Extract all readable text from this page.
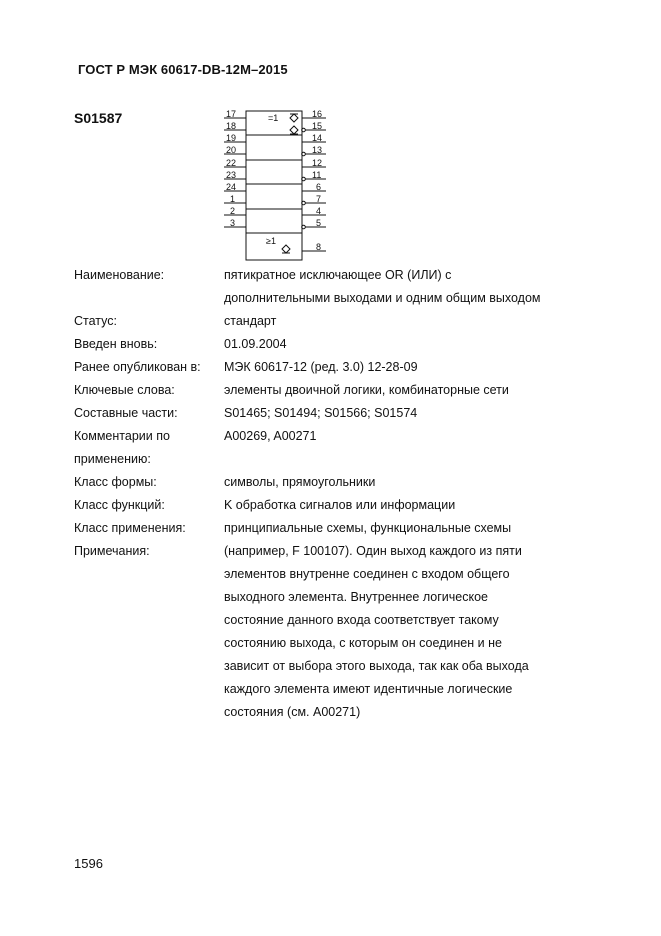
ГОСТ Р МЭК 60617-DB-12M–2015
S01587	=1
≥1
17
18
19
20
22
23
24
1
2
3
16
15
14
13
12
11
6
7
4
5
8
Наименование:	пятикратное исключающее OR (ИЛИ) с
дополнительными выходами и одним общим выходом
Статус:	стандарт
Введен вновь:	01.09.2004
Ранее опубликован в:	МЭК 60617-12 (ред. 3.0) 12-28-09
Ключевые слова:	элементы двоичной логики, комбинаторные сети
Составные части:	S01465; S01494; S01566; S01574
Комментарии по	A00269, A00271
применению:
Класс формы:	символы, прямоугольники
Класс функций:	K обработка сигналов или информации
Класс применения:	принципиальные схемы, функциональные схемы
Примечания:	(например, F 100107). Один выход каждого из пяти
элементов внутренне соединен с входом общего
выходного элемента. Внутреннее логическое
состояние данного входа соответствует такому
состоянию выхода, с которым он соединен и не
зависит от выбора этого выхода, так как оба выхода
каждого элемента имеют идентичные логические
состояния (см. A00271)
1596
